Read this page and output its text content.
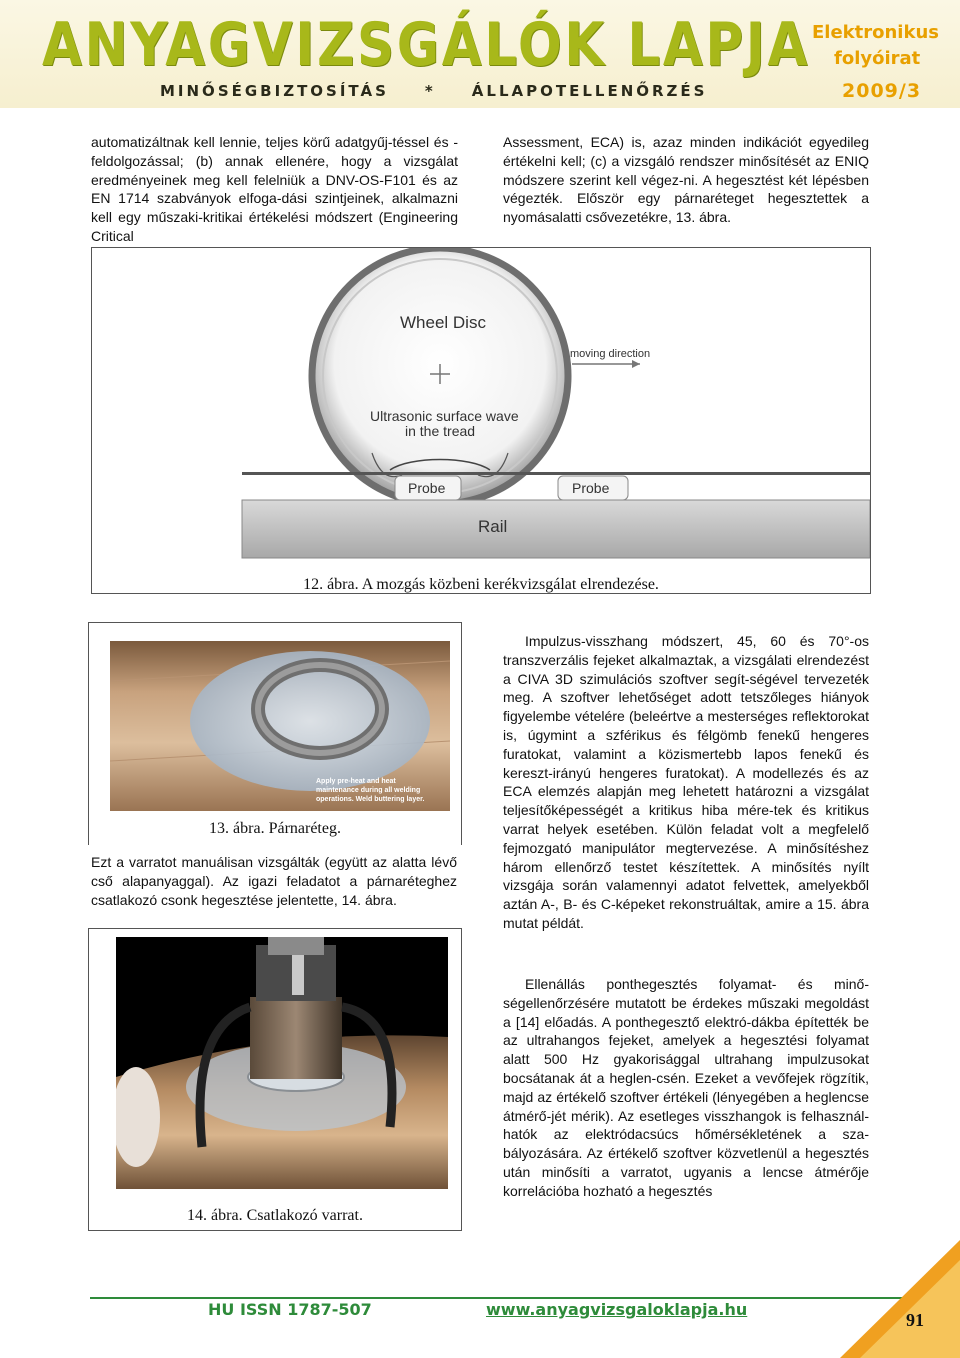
ANYAGVIZSGÁLÓK LAPJA
MINŐSÉGBIZTOSÍTÁS * ÁLLAPOTELLENŐRZÉS
Elektronikus
folyóirat
2009/3

automatizáltnak kell lennie, teljes körű adatgyűj-téssel és -feldolgozással; (b) annak ellenére, hogy a vizsgálat eredményeinek meg kell felelniük a DNV-OS-F101 és az EN 1714 szabványok elfoga-dási szintjeinek, alkalmazni kell egy műszaki-kritikai értékelési módszert (Engineering Critical

Assessment, ECA) is, azaz minden indikációt egyedileg értékelni kell; (c) a vizsgáló rendszer minősítését az ENIQ módszere szerint kell végez-ni. A hegesztést két lépésben végezték. Először egy párnaréteget hegesztettek a nyomásalatti csővezetékre, 13. ábra.

Wheel Disc
moving direction
Ultrasonic surface wave
in the tread
Probe	Probe
Rail
12. ábra. A mozgás közbeni kerékvizsgálat elrendezése.
Apply pre-heat and heat
maintenance during all welding
operations. Weld buttering layer.
13. ábra. Párnaréteg.

Ezt a varratot manuálisan vizsgálták (együtt az alatta lévő cső alapanyaggal). Az igazi feladatot a párnaréteghez csatlakozó csonk hegesztése jelentette, 14. ábra.

14. ábra. Csatlakozó varrat.

Impulzus-visszhang módszert, 45, 60 és 70°-os transzverzális fejeket alkalmaztak, a vizsgálati elrendezést a CIVA 3D szimulációs szoftver segít-ségével tervezeték meg. A szoftver lehetőséget adott tetszőleges hiányok figyelembe vételére (beleértve a mesterséges reflektorokat is, úgymint a szférikus és félgömb fenekű hengeres furatokat, valamint a közismertebb lapos fenekű és kereszt-irányú hengeres furatokat). A modellezés és az ECA elemzés alapján meg lehetett határozni a vizsgálat teljesítőképességét a kritikus hiba mére-tek és kritikus varrat helyek esetében. Külön feladat volt a megfelelő fejmozgató manipulátor megtervezése. A minősítéshez három ellenőrző testet készítettek. A minősítés nyílt vizsgája során valamennyi adatot felvettek, amelyekből aztán A-, B- és C-képeket rekonstruáltak, amire a 15. ábra mutat példát.

Ellenállás ponthegesztés folyamat- és minő-ségellenőrzésére mutatott be érdekes műszaki megoldást a [14] előadás. A ponthegesztő elektró-dákba építették be az ultrahangos fejeket, amelyek a hegesztési folyamat alatt 500 Hz gyakorisággal ultrahang impulzusokat bocsátanak át a heglen-csén. Ezeket a vevőfejek rögzítik, majd az értékelő szoftver értékeli (lényegében a heglencse átmérő-jét mérik). Az esetleges visszhangok is felhasznál-hatók az elektródacsúcs hőmérsékletének a sza-bályozására. Az értékelő szoftver közvetlenül a hegesztés után minősíti a varratot, ugyanis a lencse átmérője korrelációba hozható a hegesztés

HU ISSN 1787-507	www.anyagvizsgaloklapja.hu
91
